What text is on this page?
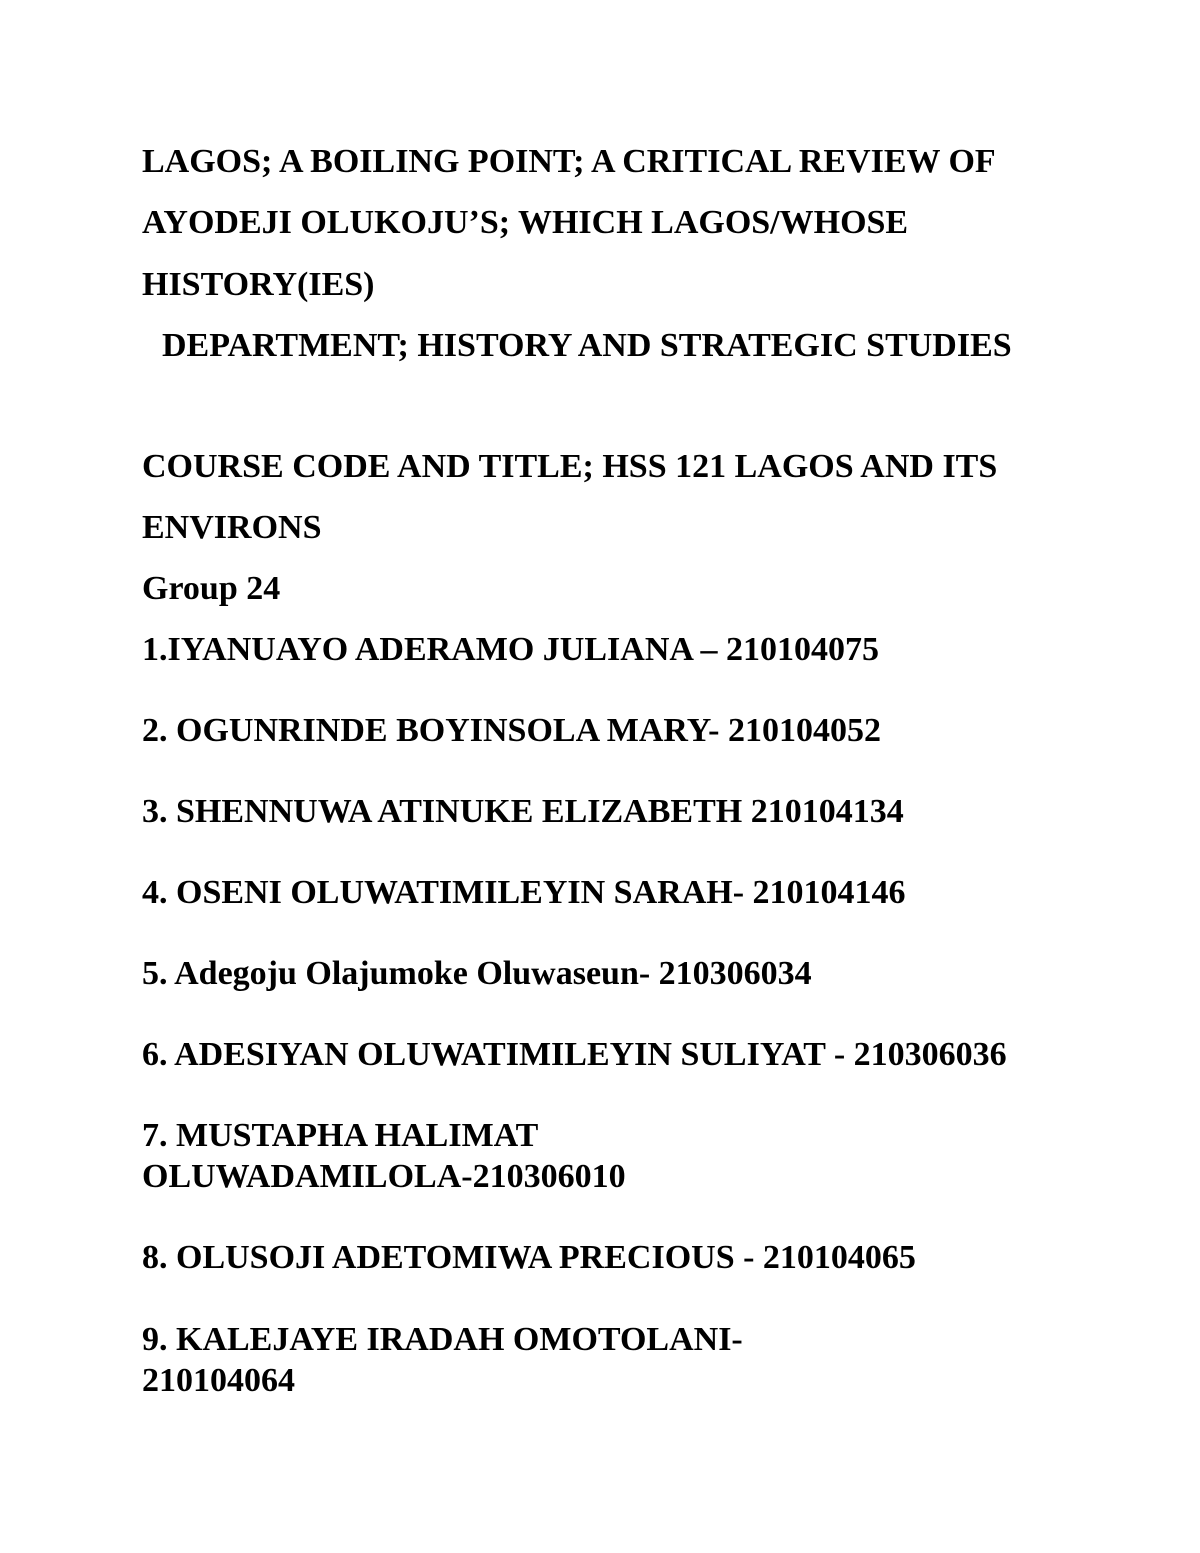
LAGOS; A BOILING POINT; A CRITICAL REVIEW OF

AYODEJI OLUKOJU’S; WHICH LAGOS/WHOSE

HISTORY(IES)

DEPARTMENT; HISTORY AND STRATEGIC STUDIES

COURSE CODE AND TITLE; HSS 121 LAGOS AND ITS

ENVIRONS

Group 24

1.IYANUAYO ADERAMO JULIANA – 210104075

2. OGUNRINDE BOYINSOLA MARY- 210104052

3. SHENNUWA ATINUKE ELIZABETH 210104134

4. OSENI OLUWATIMILEYIN SARAH- 210104146

5. Adegoju Olajumoke Oluwaseun- 210306034

6. ADESIYAN OLUWATIMILEYIN SULIYAT - 210306036

7. MUSTAPHA HALIMAT

OLUWADAMILOLA-210306010

8. OLUSOJI ADETOMIWA PRECIOUS - 210104065

9. KALEJAYE IRADAH OMOTOLANI-

210104064
